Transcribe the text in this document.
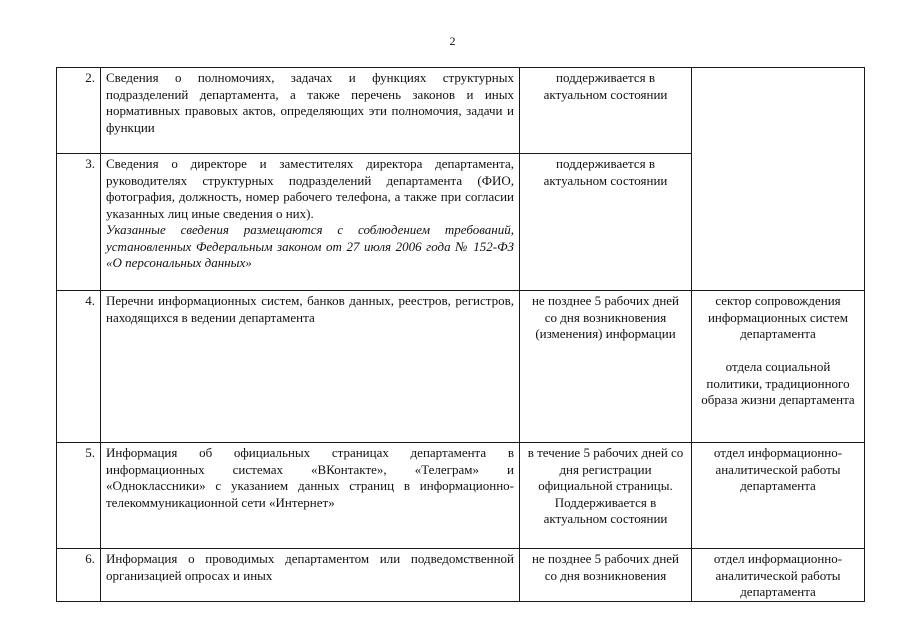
2
2.	Сведения о полномочиях, задачах и функциях структурных подразделений департамента, а также перечень законов и иных нормативных правовых актов, определяющих эти полномочия, задачи и функции	поддерживается в актуальном состоянии	
3.	Сведения о директоре и заместителях директора департамента, руководителях структурных подразделений департамента (ФИО, фотография, должность, номер рабочего телефона, а также при согласии указанных лиц иные сведения о них).
Указанные сведения размещаются с соблюдением требований, установленных Федеральным законом от 27 июля 2006 года № 152-ФЗ «О персональных данных»	поддерживается в актуальном состоянии	
4.	Перечни информационных систем, банков данных, реестров, регистров, находящихся в ведении департамента	не позднее 5 рабочих дней со дня возникновения (изменения) информации	сектор сопровождения информационных систем департамента
отдела социальной политики, традиционного образа жизни департамента

5.	Информация об официальных страницах департамента в информационных системах «ВКонтакте», «Телеграм» и «Одноклассники» с указанием данных страниц в информационно-телекоммуникационной сети «Интернет»	в течение 5 рабочих дней со дня регистрации официальной страницы.
Поддерживается в актуальном состоянии	отдел информационно-аналитической работы департамента
6.	Информация о проводимых департаментом или подведомственной организацией опросах и иных	не позднее 5 рабочих дней со дня возникновения	отдел информационно-аналитической работы департамента
